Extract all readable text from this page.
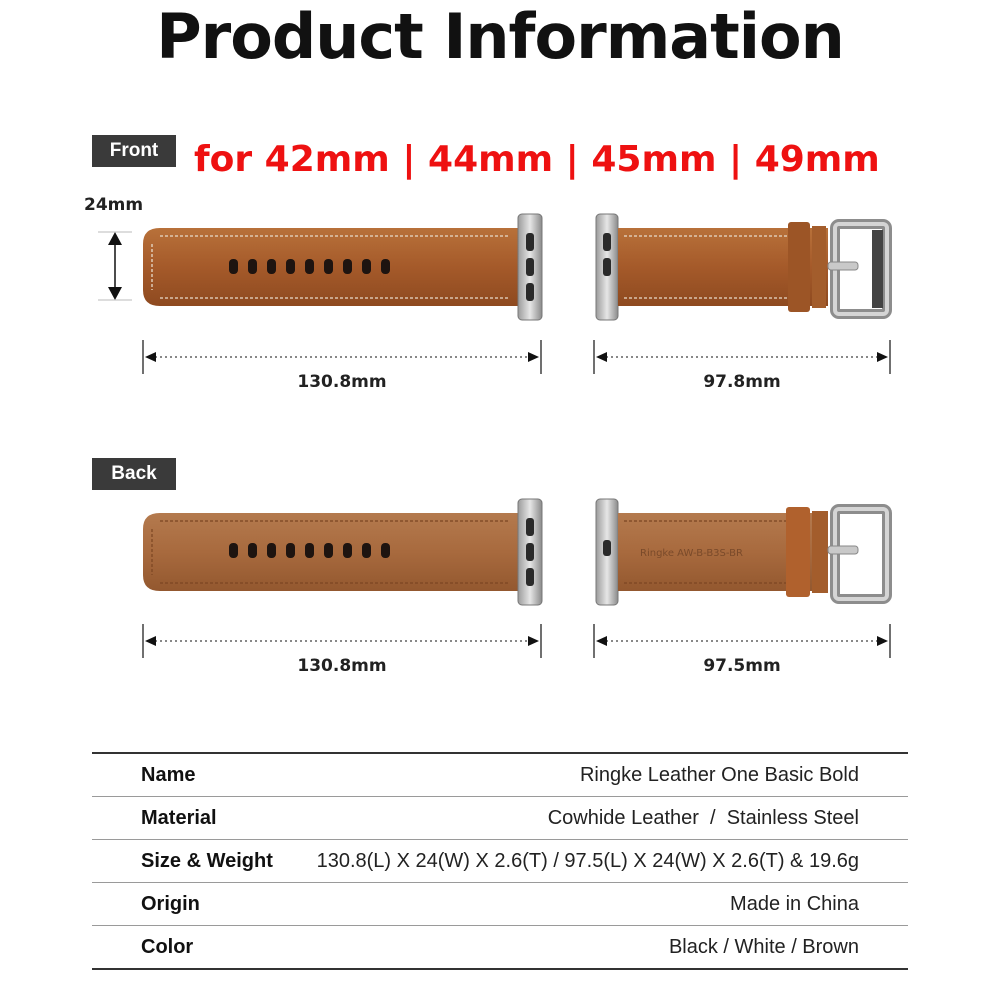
Product Information
Front for 42mm | 44mm | 45mm | 49mm
Back
Ringke AW-B-B3S-BR
24mm
130.8mm	97.8mm
130.8mm	97.5mm
Name	Ringke Leather One Basic Bold
Material	Cowhide Leather  /  Stainless Steel
Size & Weight	130.8(L) X 24(W) X 2.6(T) / 97.5(L) X 24(W) X 2.6(T) & 19.6g
Origin	Made in China
Color	Black / White / Brown
